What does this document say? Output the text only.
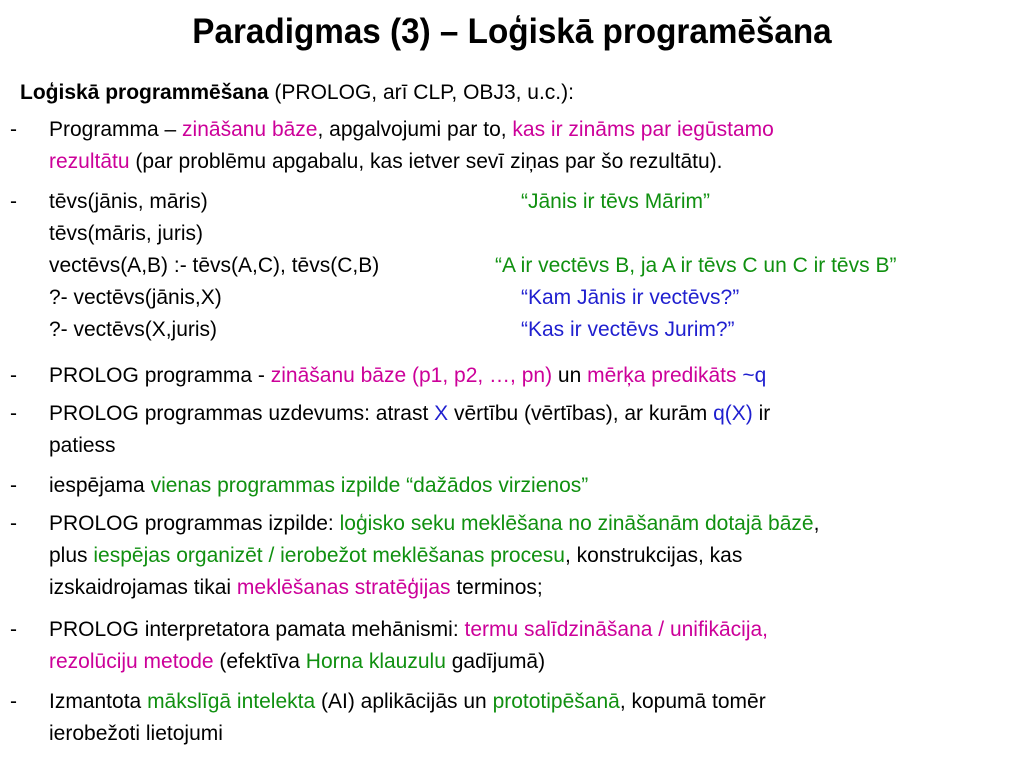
Paradigmas (3) – Loģiskā programēšana
Loģiskā programmēšana (PROLOG, arī CLP, OBJ3, u.c.):
- Programma – zināšanu bāze, apgalvojumi par to, kas ir zināms par iegūstamo
rezultātu (par problēmu apgabalu, kas ietver sevī ziņas par šo rezultātu).
- tēvs(jānis, māris)	“Jānis ir tēvs Mārim”
tēvs(māris, juris)
vectēvs(A,B) :- tēvs(A,C), tēvs(C,B)	“A ir vectēvs B, ja A ir tēvs C un C ir tēvs B”
?- vectēvs(jānis,X)	“Kam Jānis ir vectēvs?”
?- vectēvs(X,juris)	“Kas ir vectēvs Jurim?”
- PROLOG programma - zināšanu bāze (p1, p2, …, pn) un mērķa predikāts ~q
- PROLOG programmas uzdevums: atrast X vērtību (vērtības), ar kurām q(X) ir
patiess
- iespējama vienas programmas izpilde “dažādos virzienos”
- PROLOG programmas izpilde: loģisko seku meklēšana no zināšanām dotajā bāzē,
plus iespējas organizēt / ierobežot meklēšanas procesu, konstrukcijas, kas
izskaidrojamas tikai meklēšanas stratēģijas terminos;
- PROLOG interpretatora pamata mehānismi: termu salīdzināšana / unifikācija,
rezolūciju metode (efektīva Horna klauzulu gadījumā)
- Izmantota mākslīgā intelekta (AI) aplikācijās un prototipēšanā, kopumā tomēr
ierobežoti lietojumi
